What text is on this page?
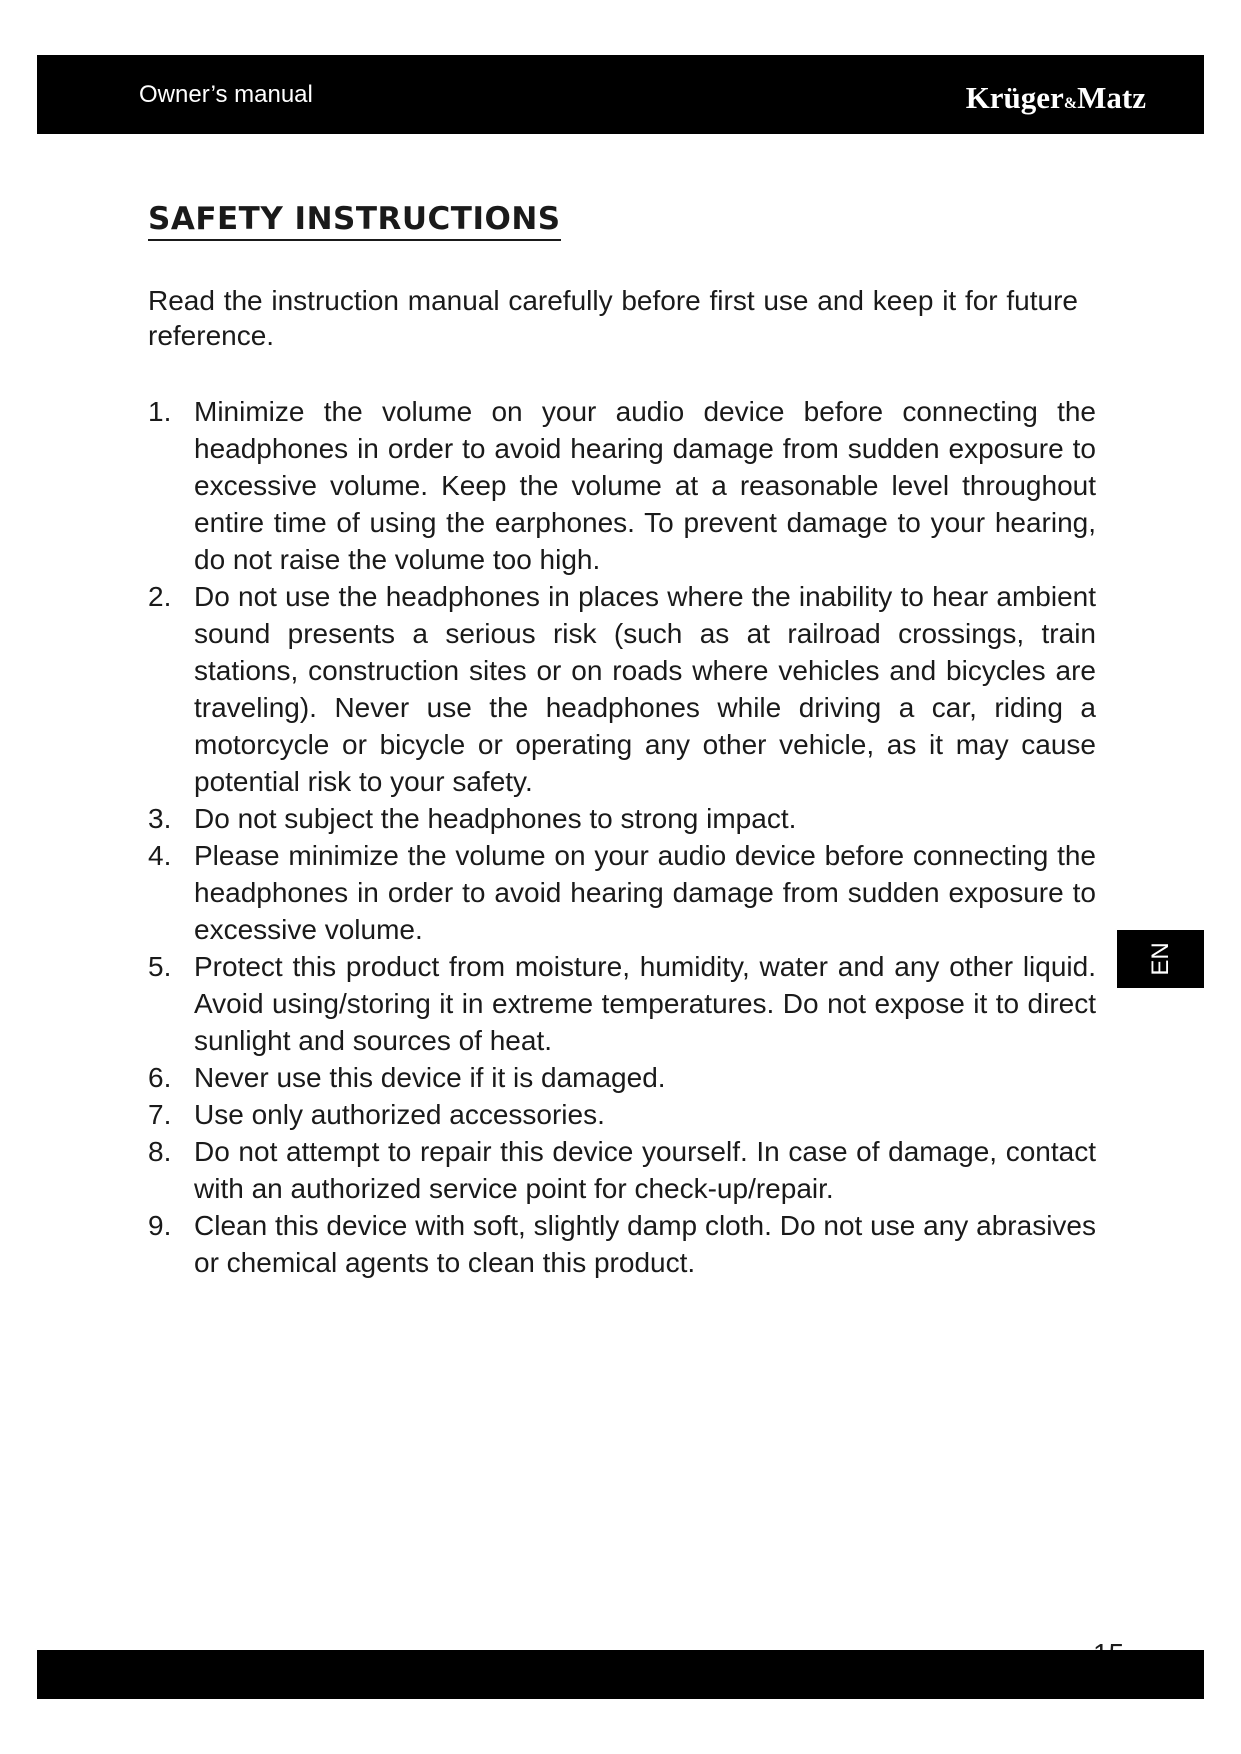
Owner’s manual	Krüger&Matz
SAFETY INSTRUCTIONS

Read the instruction manual carefully before first use and keep it for future reference.

1. Minimize the volume on your audio device before connecting the headphones in order to avoid hearing damage from sudden exposure to excessive volume. Keep the volume at a reasonable level throughout entire time of using the earphones. To prevent damage to your hearing, do not raise the volume too high.
2. Do not use the headphones in places where the inability to hear ambient sound presents a serious risk (such as at railroad crossings, train stations, construction sites or on roads where vehicles and bicycles are traveling). Never use the headphones while driving a car, riding a motorcycle or bicycle or operating any other vehicle, as it may cause potential risk to your safety.
3. Do not subject the headphones to strong impact.
4. Please minimize the volume on your audio device before connecting the headphones in order to avoid hearing damage from sudden exposure to excessive volume.
5. Protect this product from moisture, humidity, water and any other liquid. Avoid using/storing it in extreme temperatures. Do not expose it to direct sunlight and sources of heat.
6. Never use this device if it is damaged.
7. Use only authorized accessories.
8. Do not attempt to repair this device yourself. In case of damage, contact with an authorized service point for check-up/repair.
9. Clean this device with soft, slightly damp cloth. Do not use any abrasives or chemical agents to clean this product.
EN
